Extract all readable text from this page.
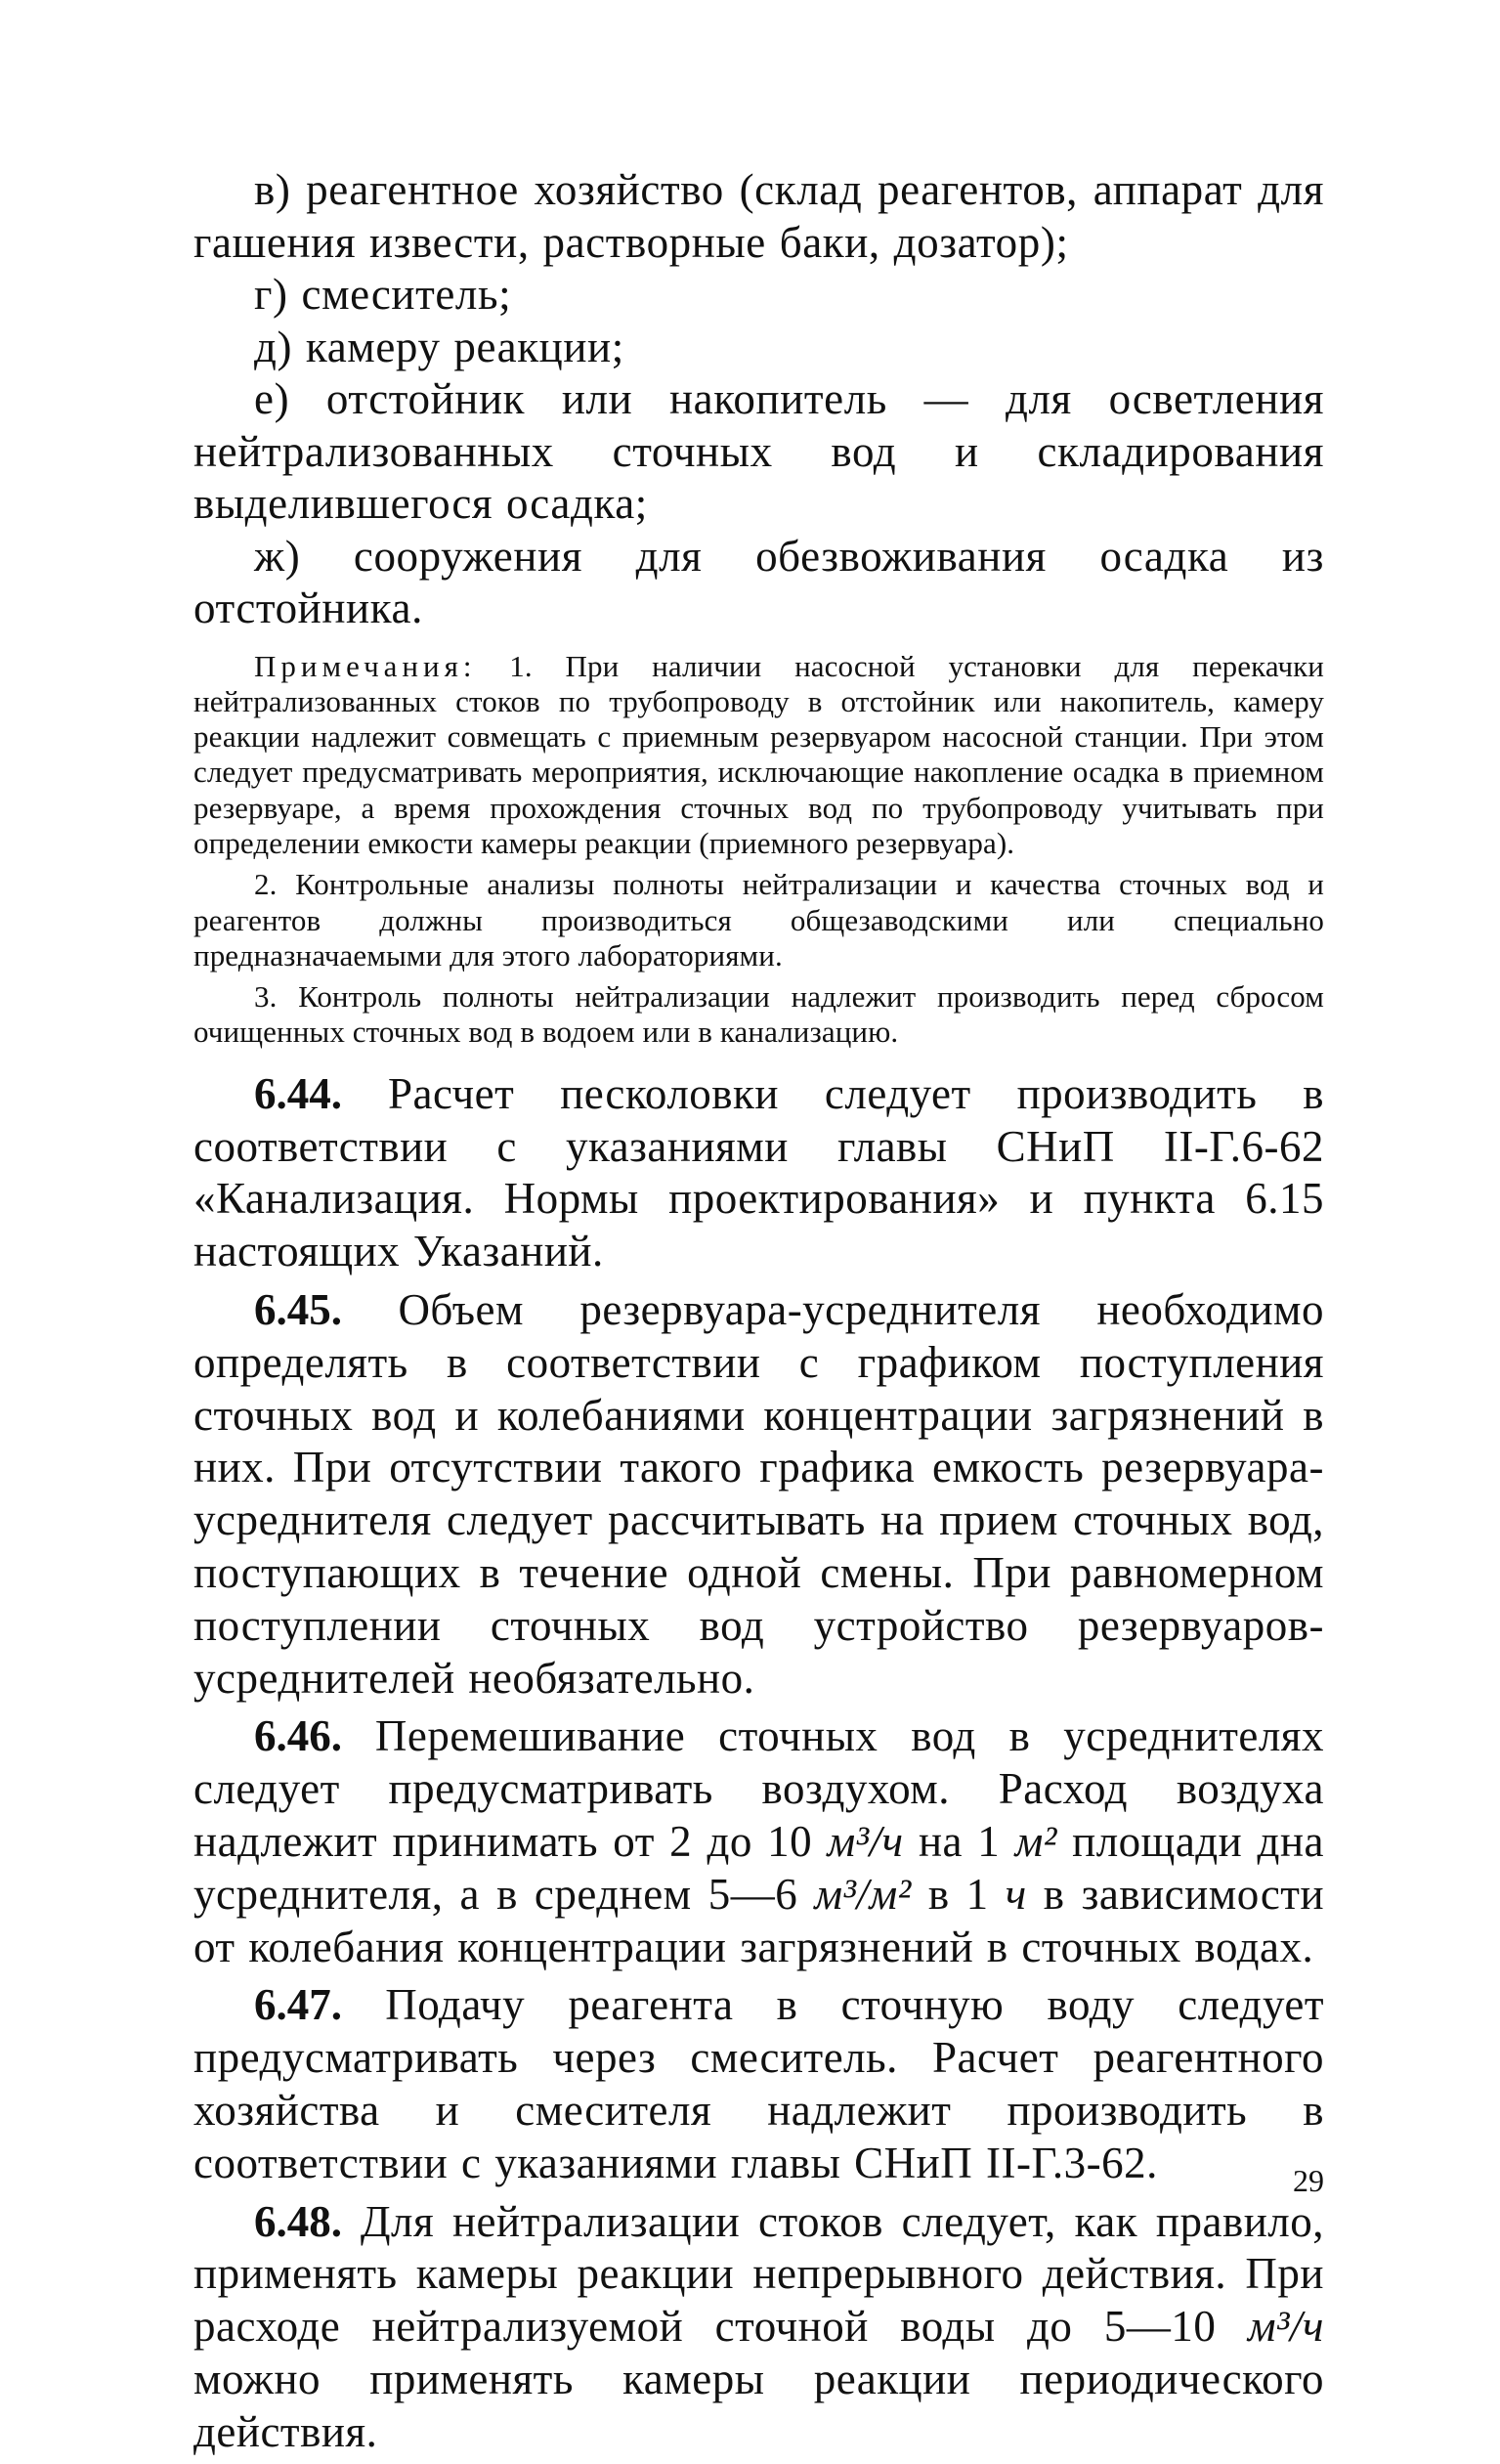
в) реагентное хозяйство (склад реагентов, аппарат для гашения извести, растворные баки, дозатор);

г) смеситель;

д) камеру реакции;

е) отстойник или накопитель — для осветления нейтрализованных сточных вод и складирования выделившегося осадка;

ж) сооружения для обезвоживания осадка из отстойника.

Примечания: 1. При наличии насосной установки для перекачки нейтрализованных стоков по трубопроводу в отстойник или накопитель, камеру реакции надлежит совмещать с приемным резервуаром насосной станции. При этом следует предусматривать мероприятия, исключающие накопление осадка в приемном резервуаре, а время прохождения сточных вод по трубопроводу учитывать при определении емкости камеры реакции (приемного резервуара).

2. Контрольные анализы полноты нейтрализации и качества сточных вод и реагентов должны производиться общезаводскими или специально предназначаемыми для этого лабораториями.

3. Контроль полноты нейтрализации надлежит производить перед сбросом очищенных сточных вод в водоем или в канализацию.

6.44. Расчет песколовки следует производить в соответствии с указаниями главы СНиП II-Г.6-62 «Канализация. Нормы проектирования» и пункта 6.15 настоящих Указаний.

6.45. Объем резервуара-усреднителя необходимо определять в соответствии с графиком поступления сточных вод и колебаниями концентрации загрязнений в них. При отсутствии такого графика емкость резервуара-усреднителя следует рассчитывать на прием сточных вод, поступающих в течение одной смены. При равномерном поступлении сточных вод устройство резервуаров-усреднителей необязательно.

6.46. Перемешивание сточных вод в усреднителях следует предусматривать воздухом. Расход воздуха надлежит принимать от 2 до 10 м³/ч на 1 м² площади дна усреднителя, а в среднем 5—6 м³/м² в 1 ч в зависимости от колебания концентрации загрязнений в сточных водах.

6.47. Подачу реагента в сточную воду следует предусматривать через смеситель. Расчет реагентного хозяйства и смесителя надлежит производить в соответствии с указаниями главы СНиП II-Г.3-62.

6.48. Для нейтрализации стоков следует, как правило, применять камеры реакции непрерывного действия. При расходе нейтрализуемой сточной воды до 5—10 м³/ч можно применять камеры реакции периодического действия.

29
